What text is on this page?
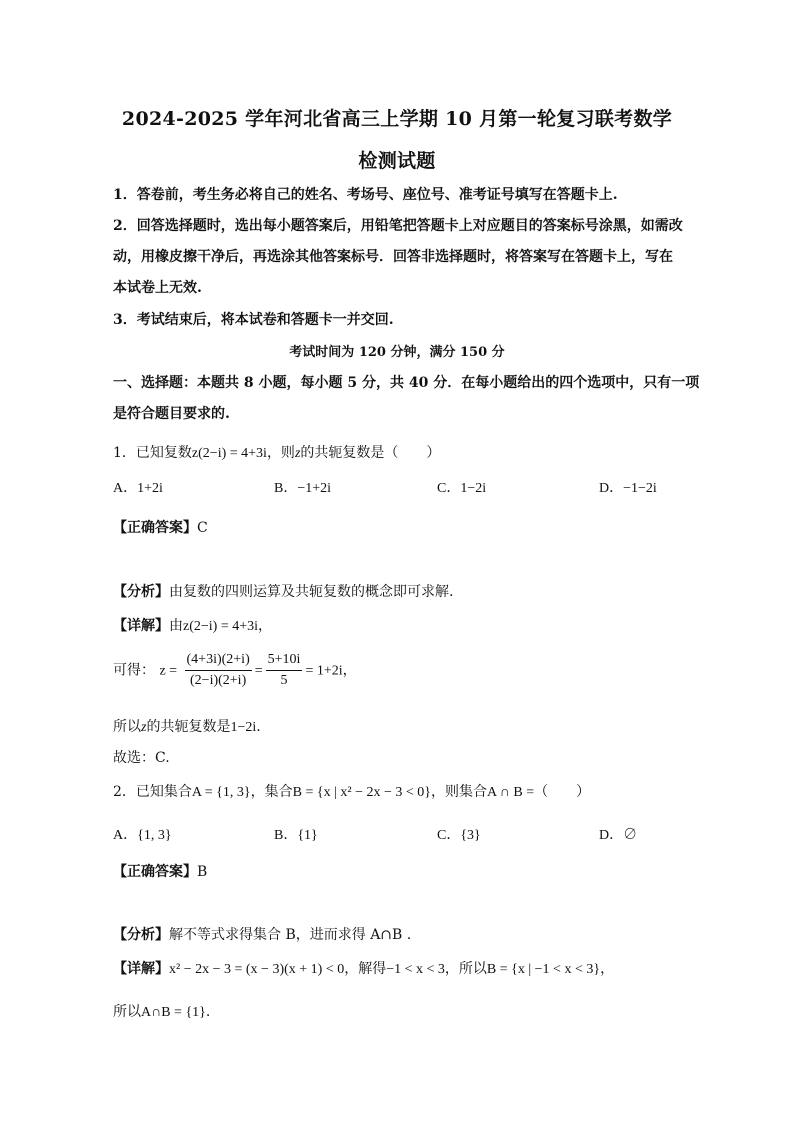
2024-2025 学年河北省高三上学期 10 月第一轮复习联考数学
检测试题
1．答卷前，考生务必将自己的姓名、考场号、座位号、准考证号填写在答题卡上.
2．回答选择题时，选出每小题答案后，用铅笔把答题卡上对应题目的答案标号涂黑，如需改
动，用橡皮擦干净后，再选涂其他答案标号．回答非选择题时，将答案写在答题卡上，写在
本试卷上无效.
3．考试结束后，将本试卷和答题卡一并交回.
考试时间为 120 分钟，满分 150 分
一、选择题：本题共 8 小题，每小题 5 分，共 40 分．在每小题给出的四个选项中，只有一项
是符合题目要求的.
1．已知复数z(2−i) = 4+3i，则z的共轭复数是（　　）
A．1+2i	B．−1+2i	C．1−2i	D．−1−2i
【正确答案】C
【分析】由复数的四则运算及共轭复数的概念即可求解.
【详解】由z(2−i) = 4+3i，
可得： $z = \frac{(4+3i)(2+i)}{(2-i)(2+i)} = \frac{5+10i}{5} = 1+2i$，
所以z的共轭复数是1−2i.
故选：C.
2．已知集合A = {1, 3}，集合B = {x | x² − 2x − 3 < 0}，则集合A ∩ B =（　　）
A．{1, 3}	B．{1}	C．{3}	D．∅
【正确答案】B
【分析】解不等式求得集合 B，进而求得 A∩B .
【详解】x² − 2x − 3 = (x − 3)(x + 1) < 0，解得−1 < x < 3，所以B = {x | −1 < x < 3}，
所以A∩B = {1}.
